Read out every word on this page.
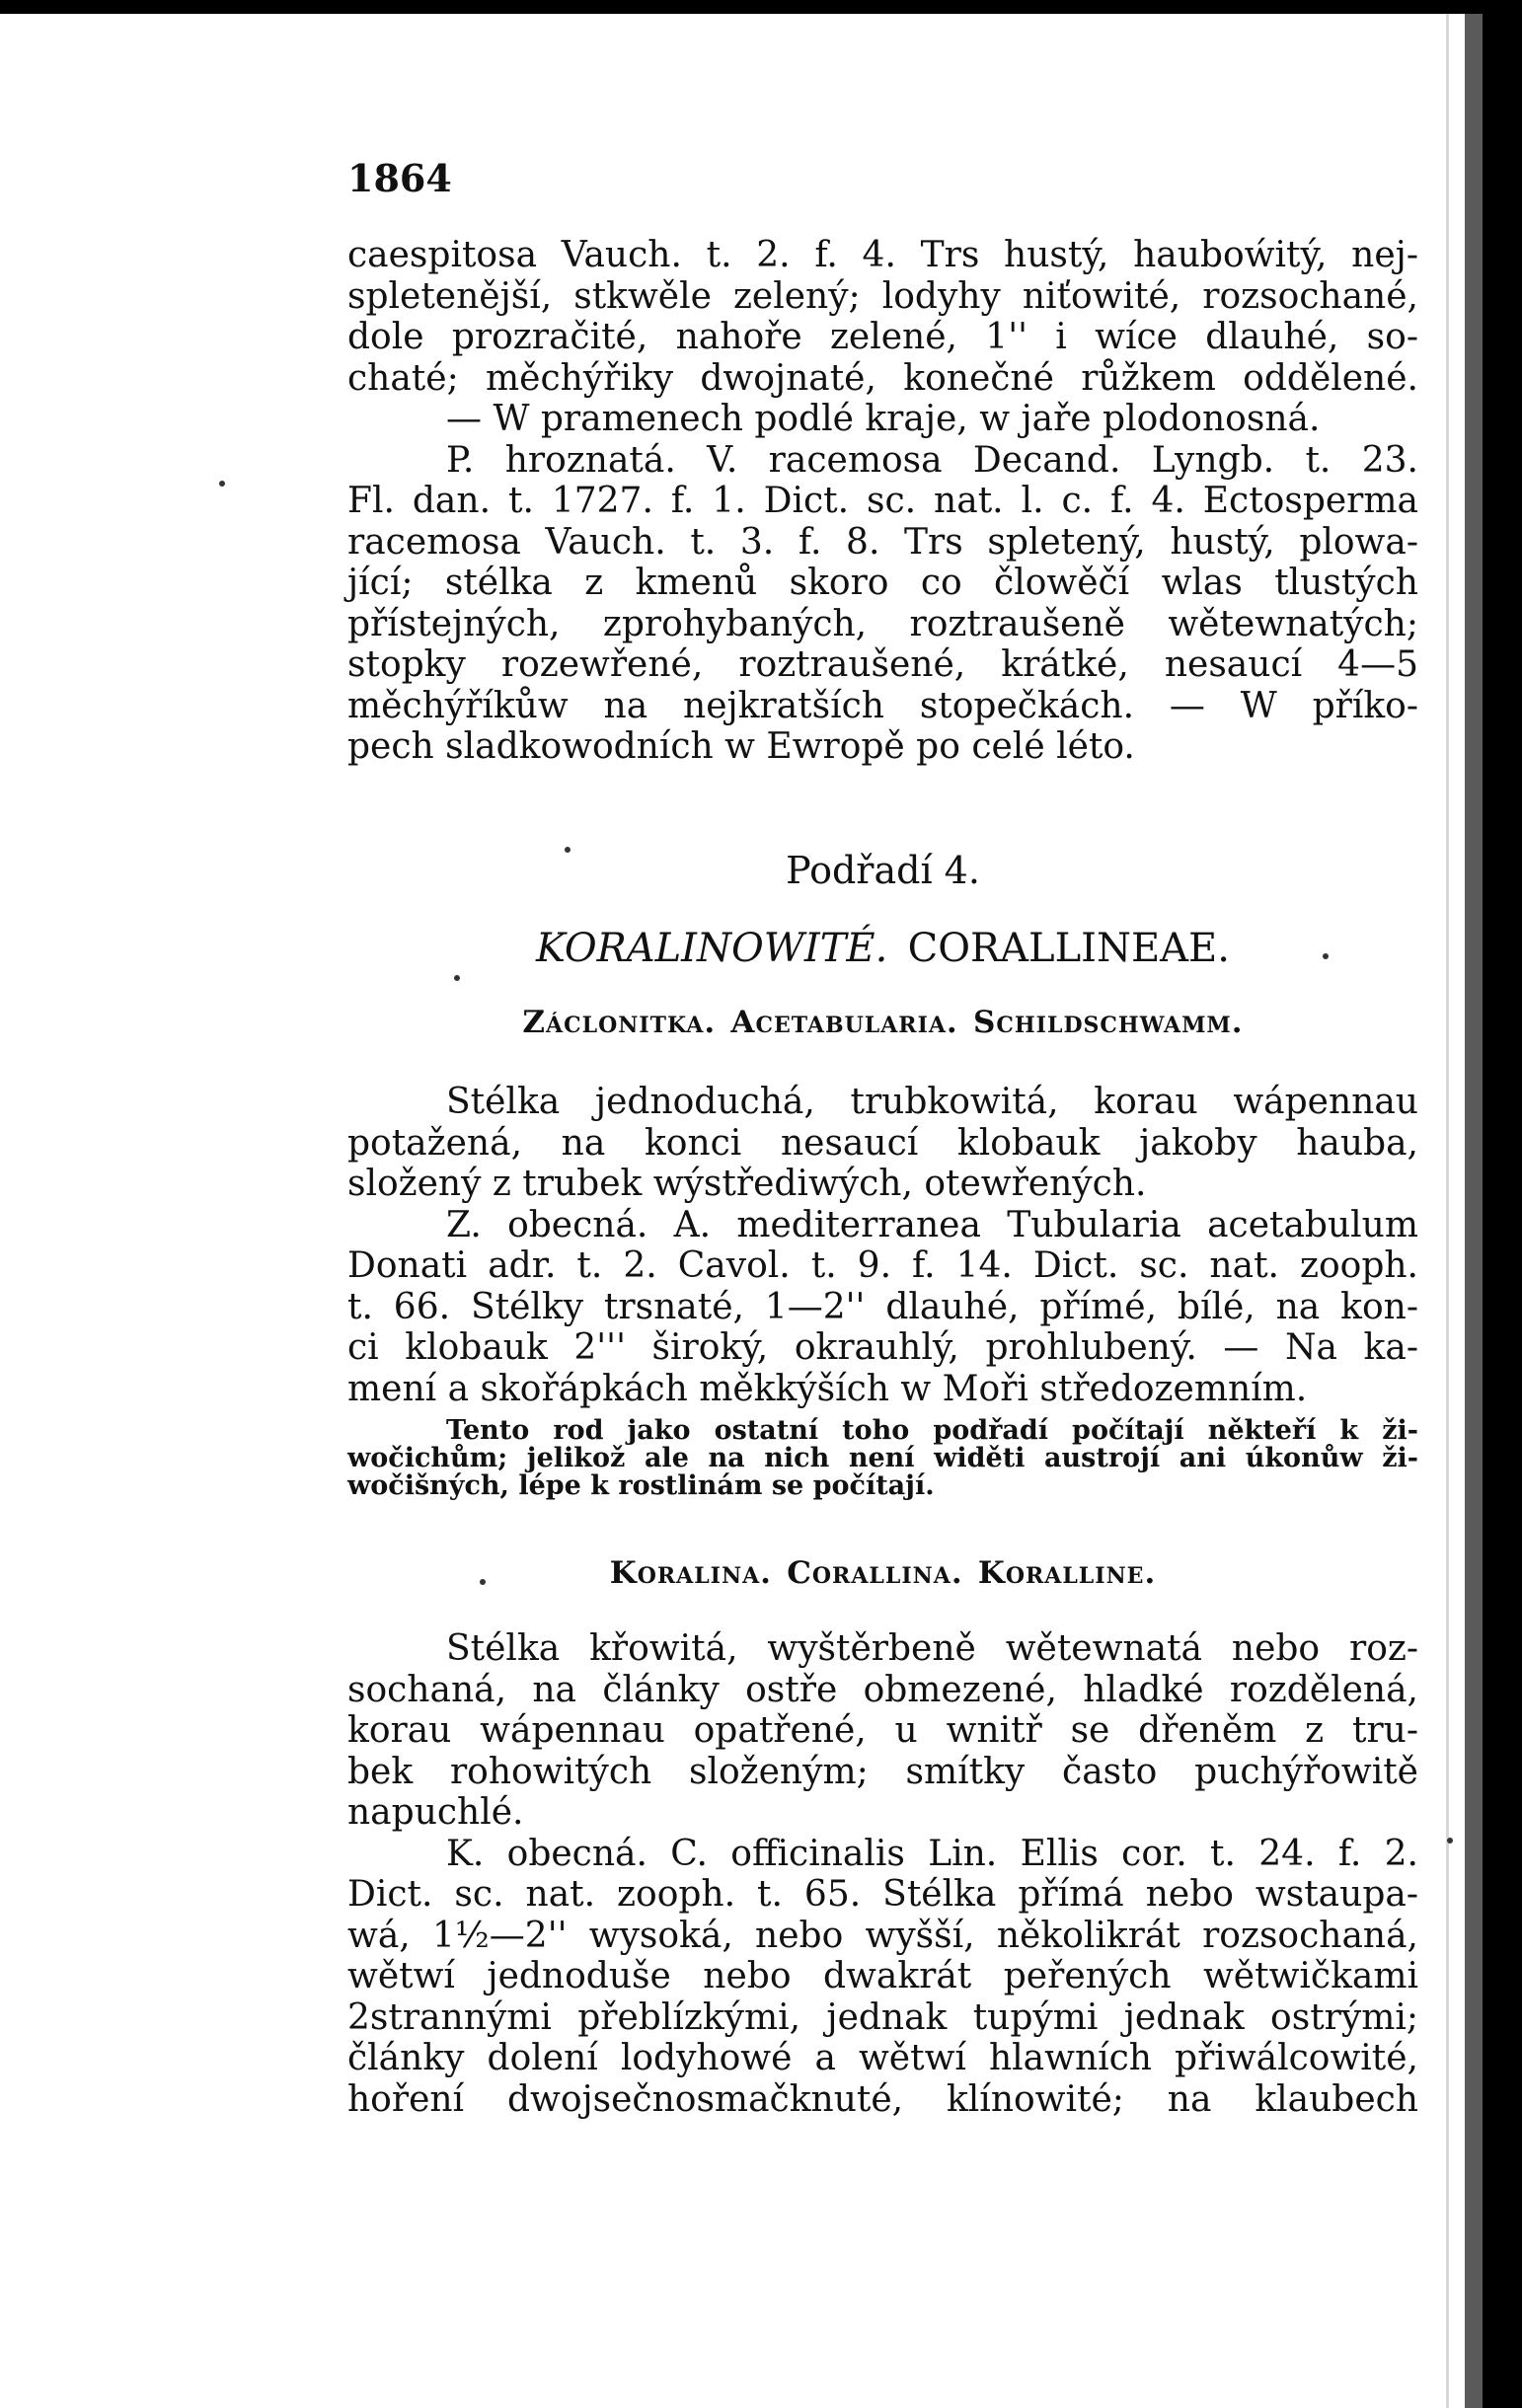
1864
caespitosa Vauch. t. 2. f. 4. Trs hustý, hauboẃitý, nej-
spletenější, stkwěle zelený; lodyhy niťowité, rozsochané,
dole prozračité, nahoře zelené, 1'' i wíce dlauhé, so-
chaté; měchýřiky dwojnaté, konečné růžkem oddělené.
— W pramenech podlé kraje, w jaře plodonosná.
P. hroznatá. V. racemosa Decand. Lyngb. t. 23.
Fl. dan. t. 1727. f. 1. Dict. sc. nat. l. c. f. 4. Ectosperma
racemosa Vauch. t. 3. f. 8. Trs spletený, hustý, plowa-
jící; stélka z kmenů skoro co člowěčí wlas tlustých
přístejných, zprohybaných, roztraušeně wětewnatých;
stopky rozewřené, roztraušené, krátké, nesaucí 4—5
měchýříkůw na nejkratších stopečkách. — W příko-
pech sladkowodních w Ewropě po celé léto.
Podřadí 4.
KORALINOWITÉ. CORALLINEAE.
Záclonitka. Acetabularia. Schildschwamm.
Stélka jednoduchá, trubkowitá, korau wápennau
potažená, na konci nesaucí klobauk jakoby hauba,
složený z trubek wýstřediwých, otewřených.
Z. obecná. A. mediterranea Tubularia acetabulum
Donati adr. t. 2. Cavol. t. 9. f. 14. Dict. sc. nat. zooph.
t. 66. Stélky trsnaté, 1—2'' dlauhé, přímé, bílé, na kon-
ci klobauk 2''' široký, okrauhlý, prohlubený. — Na ka-
mení a skořápkách měkkýších w Moři středozemním.
Tento rod jako ostatní toho podřadí počítají někteří k ži-
wočichům; jelikož ale na nich není widěti austrojí ani úkonůw ži-
wočišných, lépe k rostlinám se počítají.
Koralina. Corallina. Koralline.
Stélka křowitá, wyštěrbeně wětewnatá nebo roz-
sochaná, na články ostře obmezené, hladké rozdělená,
korau wápennau opatřené, u wnitř se dřeněm z tru-
bek rohowitých složeným; smítky často puchýřowitě
napuchlé.
K. obecná. C. officinalis Lin. Ellis cor. t. 24. f. 2.
Dict. sc. nat. zooph. t. 65. Stélka přímá nebo wstaupa-
wá, 1½—2'' wysoká, nebo wyšší, několikrát rozsochaná,
wětwí jednoduše nebo dwakrát peřených wětwičkami
2strannými přeblízkými, jednak tupými jednak ostrými;
články dolení lodyhowé a wětwí hlawních přiwálcowité,
hoření dwojsečnosmačknuté, klínowité; na klaubech
